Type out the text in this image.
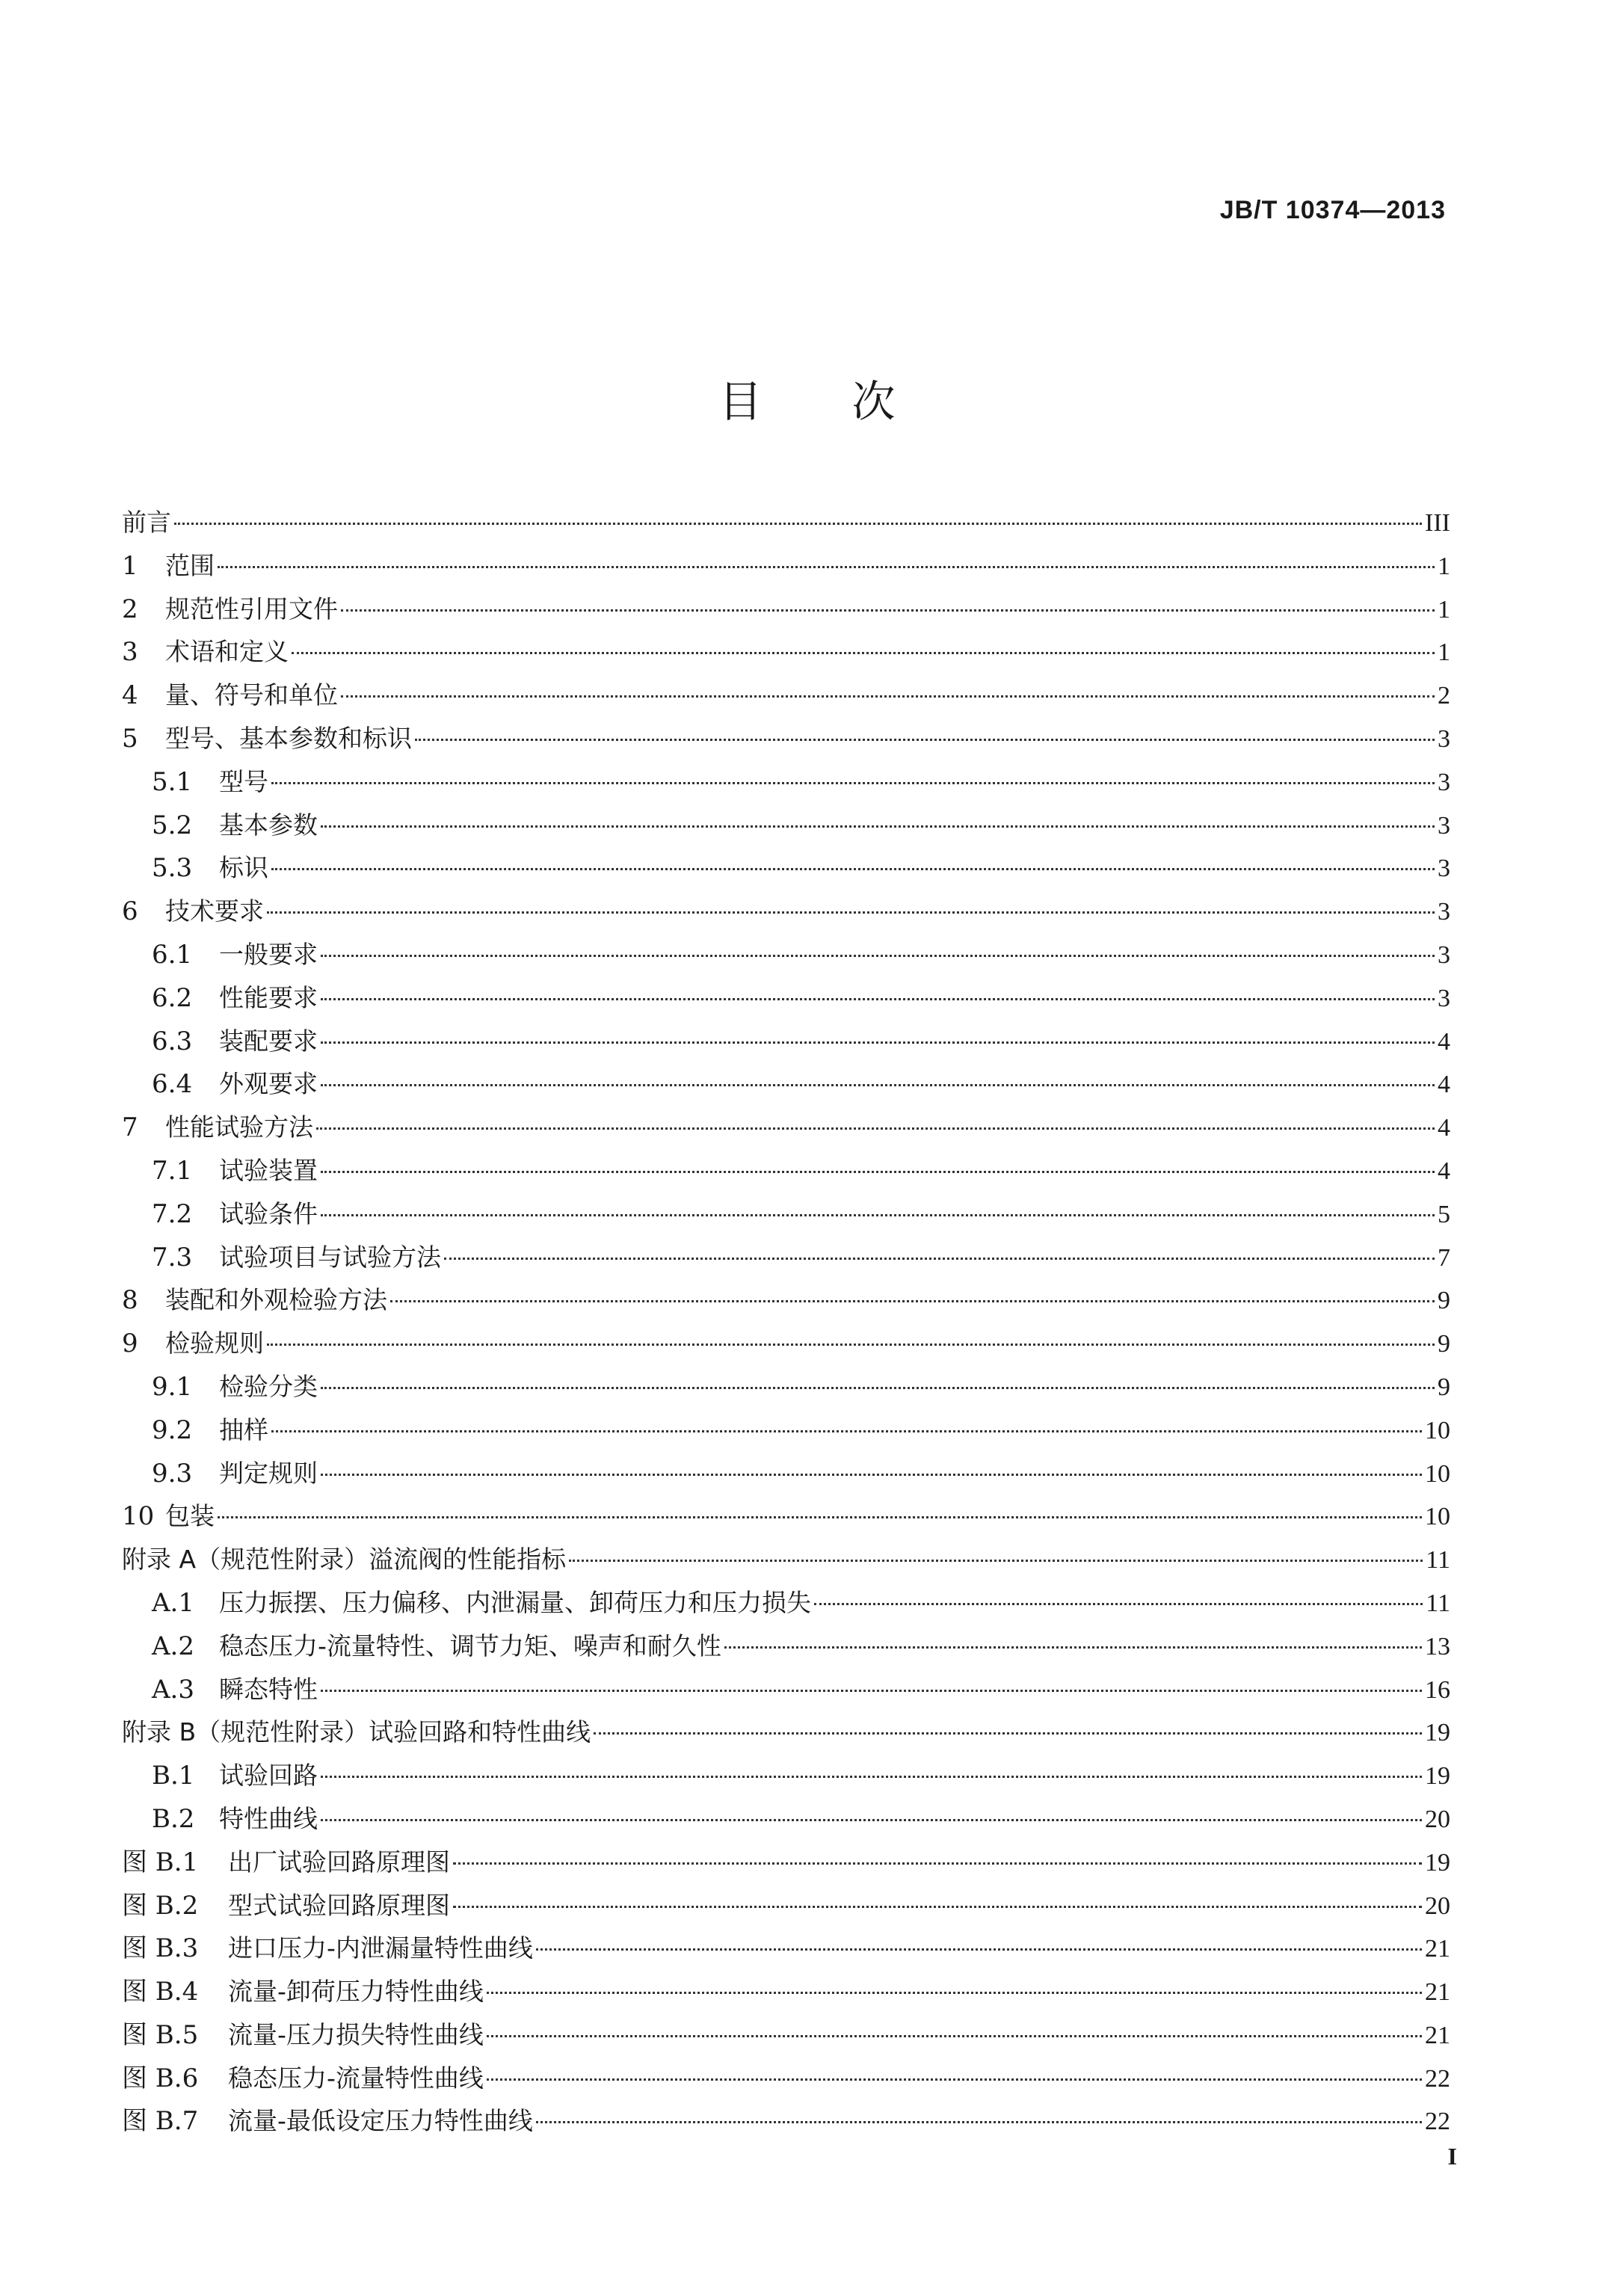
JB/T 10374—2013
目次
前言	III
1	范围	1
2	规范性引用文件	1
3	术语和定义	1
4	量、符号和单位	2
5	型号、基本参数和标识	3
5.1	型号	3
5.2	基本参数	3
5.3	标识	3
6	技术要求	3
6.1	一般要求	3
6.2	性能要求	3
6.3	装配要求	4
6.4	外观要求	4
7	性能试验方法	4
7.1	试验装置	4
7.2	试验条件	5
7.3	试验项目与试验方法	7
8	装配和外观检验方法	9
9	检验规则	9
9.1	检验分类	9
9.2	抽样	10
9.3	判定规则	10
10 包装	10
附录 A（规范性附录）溢流阀的性能指标	11
A.1	压力振摆、压力偏移、内泄漏量、卸荷压力和压力损失	11
A.2	稳态压力-流量特性、调节力矩、噪声和耐久性	13
A.3	瞬态特性	16
附录 B（规范性附录）试验回路和特性曲线	19
B.1 试验回路	19
B.2 特性曲线	20
图 B.1	出厂试验回路原理图	19
图 B.2	型式试验回路原理图	20
图 B.3	进口压力-内泄漏量特性曲线	21
图 B.4	流量-卸荷压力特性曲线	21
图 B.5	流量-压力损失特性曲线	21
图 B.6	稳态压力-流量特性曲线	22
图 B.7	流量-最低设定压力特性曲线	22
I
